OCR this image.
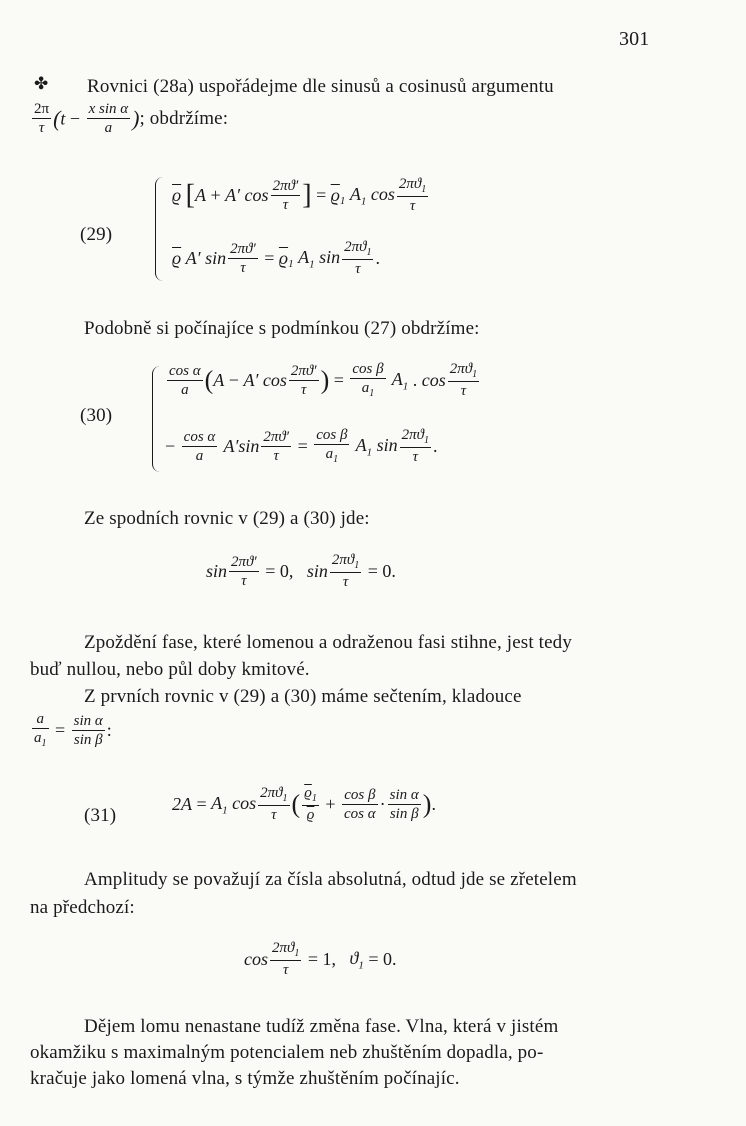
301
✤ Rovnici (28a) uspořádejme dle sinusů a cosinusů argumentu
$\frac{2\pi}{\tau} (t - \frac{\text{x sin α}}{a}$ ); obdržíme:
(29)
$\overline{ϱ}$ [A + A′ $\cos \frac{2\pi ϑ'}{\tau}$ ] = $\overline{ϱ}_1$ $A_1$ $\cos \frac{2\pi ϑ_1}{\tau}$
$\overline{ϱ}$ A′ $\sin \frac{2\pi ϑ'}{\tau} = \overline{ϱ}_1$ $A_1$ $\sin \frac{2\pi ϑ_1}{\tau}$ .
Podobně si počínajíce s podmínkou (27) obdržíme:
(30)
$\frac{\text{cos α}}{a} (A - A'$ $\cos \frac{2\pi ϑ'}{\tau}$ ) = $\frac{\text{cos β}}{a_1} A_1$ . $\cos \frac{2\pi ϑ_1}{\tau}$
− $\frac{\text{cos α}}{a} A'\sin \frac{2\pi ϑ'}{\tau} = \frac{\text{cos β}}{a_1} A_1$ $\sin \frac{2\pi ϑ_1}{\tau}$ .
Ze spodních rovnic v (29) a (30) jde:
$\sin \frac{2\pi ϑ'}{\tau} = 0$,   $\sin \frac{2\pi ϑ_1}{\tau} = 0$.
Zpoždění fase, které lomenou a odraženou fasi stihne, jest tedy
buď nullou, nebo půl doby kmitové.
Z prvních rovnic v (29) a (30) máme sečtením, kladouce
$\frac{a}{a_1} = \frac{\text{sin α}}{\text{sin β}}$ :
(31)
$2A = A_1$ $\cos \frac{2\pi ϑ_1}{\tau}$ ( $\frac{\overline{ϱ}_1}{ϱ} + \frac{\text{cos β}}{\text{cos α}} \cdot \frac{\text{sin α}}{\text{sin β}}$ ).
Amplitudy se považují za čísla absolutná, odtud jde se zřetelem
na předchozí:
$\cos \frac{2\pi ϑ_1}{\tau} = 1$,   $ϑ_1 = 0$.
Dějem lomu nenastane tudíž změna fase. Vlna, která v jistém
okamžiku s maximalným potencialem neb zhuštěním dopadla, po-
kračuje jako lomená vlna, s týmže zhuštěním počínajíc.
